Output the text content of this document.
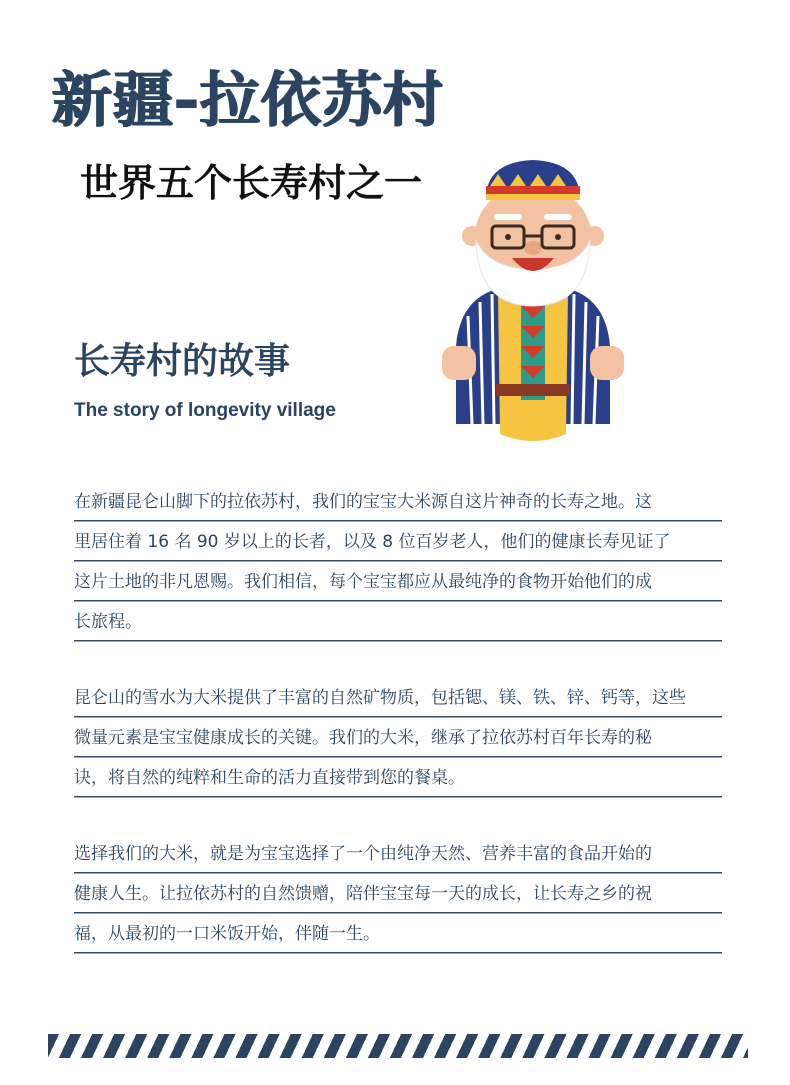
新疆-拉依苏村
世界五个长寿村之一
长寿村的故事
The story of longevity village

在新疆昆仑山脚下的拉依苏村，我们的宝宝大米源自这片神奇的长寿之地。这

里居住着 16 名 90 岁以上的长者，以及 8 位百岁老人，他们的健康长寿见证了

这片土地的非凡恩赐。我们相信，每个宝宝都应从最纯净的食物开始他们的成

长旅程。

昆仑山的雪水为大米提供了丰富的自然矿物质，包括锶、镁、铁、锌、钙等，这些

微量元素是宝宝健康成长的关键。我们的大米，继承了拉依苏村百年长寿的秘

诀，将自然的纯粹和生命的活力直接带到您的餐桌。

选择我们的大米，就是为宝宝选择了一个由纯净天然、营养丰富的食品开始的

健康人生。让拉依苏村的自然馈赠，陪伴宝宝每一天的成长，让长寿之乡的祝

福，从最初的一口米饭开始，伴随一生。
